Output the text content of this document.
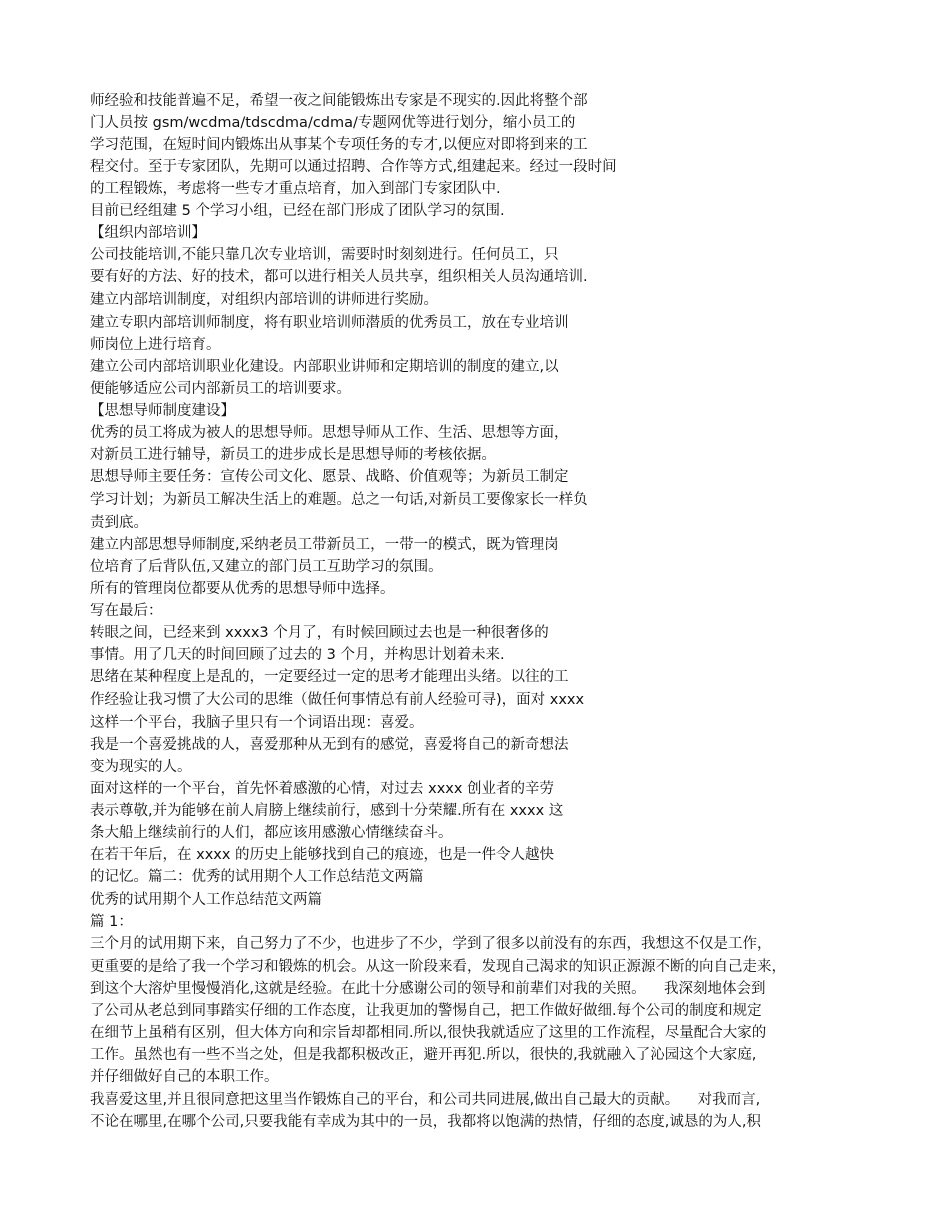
师经验和技能普遍不足，希望一夜之间能锻炼出专家是不现实的.因此将整个部
门人员按 gsm/wcdma/tdscdma/cdma/专题网优等进行划分，缩小员工的
学习范围，在短时间内锻炼出从事某个专项任务的专才,以便应对即将到来的工
程交付。至于专家团队，先期可以通过招聘、合作等方式,组建起来。经过一段时间
的工程锻炼，考虑将一些专才重点培育，加入到部门专家团队中.
目前已经组建 5 个学习小组，已经在部门形成了团队学习的氛围.
【组织内部培训】
公司技能培训,不能只靠几次专业培训，需要时时刻刻进行。任何员工，只
要有好的方法、好的技术，都可以进行相关人员共享，组织相关人员沟通培训.
建立内部培训制度，对组织内部培训的讲师进行奖励。
建立专职内部培训师制度，将有职业培训师潜质的优秀员工，放在专业培训
师岗位上进行培育。
建立公司内部培训职业化建设。内部职业讲师和定期培训的制度的建立,以
便能够适应公司内部新员工的培训要求。
【思想导师制度建设】
优秀的员工将成为被人的思想导师。思想导师从工作、生活、思想等方面，
对新员工进行辅导，新员工的进步成长是思想导师的考核依据。
思想导师主要任务：宣传公司文化、愿景、战略、价值观等；为新员工制定
学习计划；为新员工解决生活上的难题。总之一句话,对新员工要像家长一样负
责到底。
建立内部思想导师制度,采纳老员工带新员工，一带一的模式，既为管理岗
位培育了后背队伍,又建立的部门员工互助学习的氛围。
所有的管理岗位都要从优秀的思想导师中选择。
写在最后：
转眼之间，已经来到 xxxx3 个月了，有时候回顾过去也是一种很奢侈的
事情。用了几天的时间回顾了过去的 3 个月，并构思计划着未来.
思绪在某种程度上是乱的，一定要经过一定的思考才能理出头绪。以往的工
作经验让我习惯了大公司的思维（做任何事情总有前人经验可寻)，面对 xxxx
这样一个平台，我脑子里只有一个词语出现：喜爱。
我是一个喜爱挑战的人，喜爱那种从无到有的感觉，喜爱将自己的新奇想法
变为现实的人。
面对这样的一个平台，首先怀着感激的心情，对过去 xxxx 创业者的辛劳
表示尊敬,并为能够在前人肩膀上继续前行，感到十分荣耀.所有在 xxxx 这
条大船上继续前行的人们，都应该用感激心情继续奋斗。
在若干年后，在 xxxx 的历史上能够找到自己的痕迹，也是一件令人越快
的记忆。篇二：优秀的试用期个人工作总结范文两篇
优秀的试用期个人工作总结范文两篇
篇 1：
三个月的试用期下来，自己努力了不少，也进步了不少，学到了很多以前没有的东西，我想这不仅是工作，
更重要的是给了我一个学习和锻炼的机会。从这一阶段来看，发现自己渴求的知识正源源不断的向自己走来，
到这个大溶炉里慢慢消化,这就是经验。在此十分感谢公司的领导和前辈们对我的关照。    我深刻地体会到
了公司从老总到同事踏实仔细的工作态度，让我更加的警惕自己，把工作做好做细.每个公司的制度和规定
在细节上虽稍有区别，但大体方向和宗旨却都相同.所以,很快我就适应了这里的工作流程，尽量配合大家的
工作。虽然也有一些不当之处，但是我都积极改正，避开再犯.所以，很快的,我就融入了沁园这个大家庭,
并仔细做好自己的本职工作。
我喜爱这里,并且很同意把这里当作锻炼自己的平台，和公司共同进展,做出自己最大的贡献。    对我而言,
不论在哪里,在哪个公司,只要我能有幸成为其中的一员，我都将以饱满的热情，仔细的态度,诚恳的为人,积
